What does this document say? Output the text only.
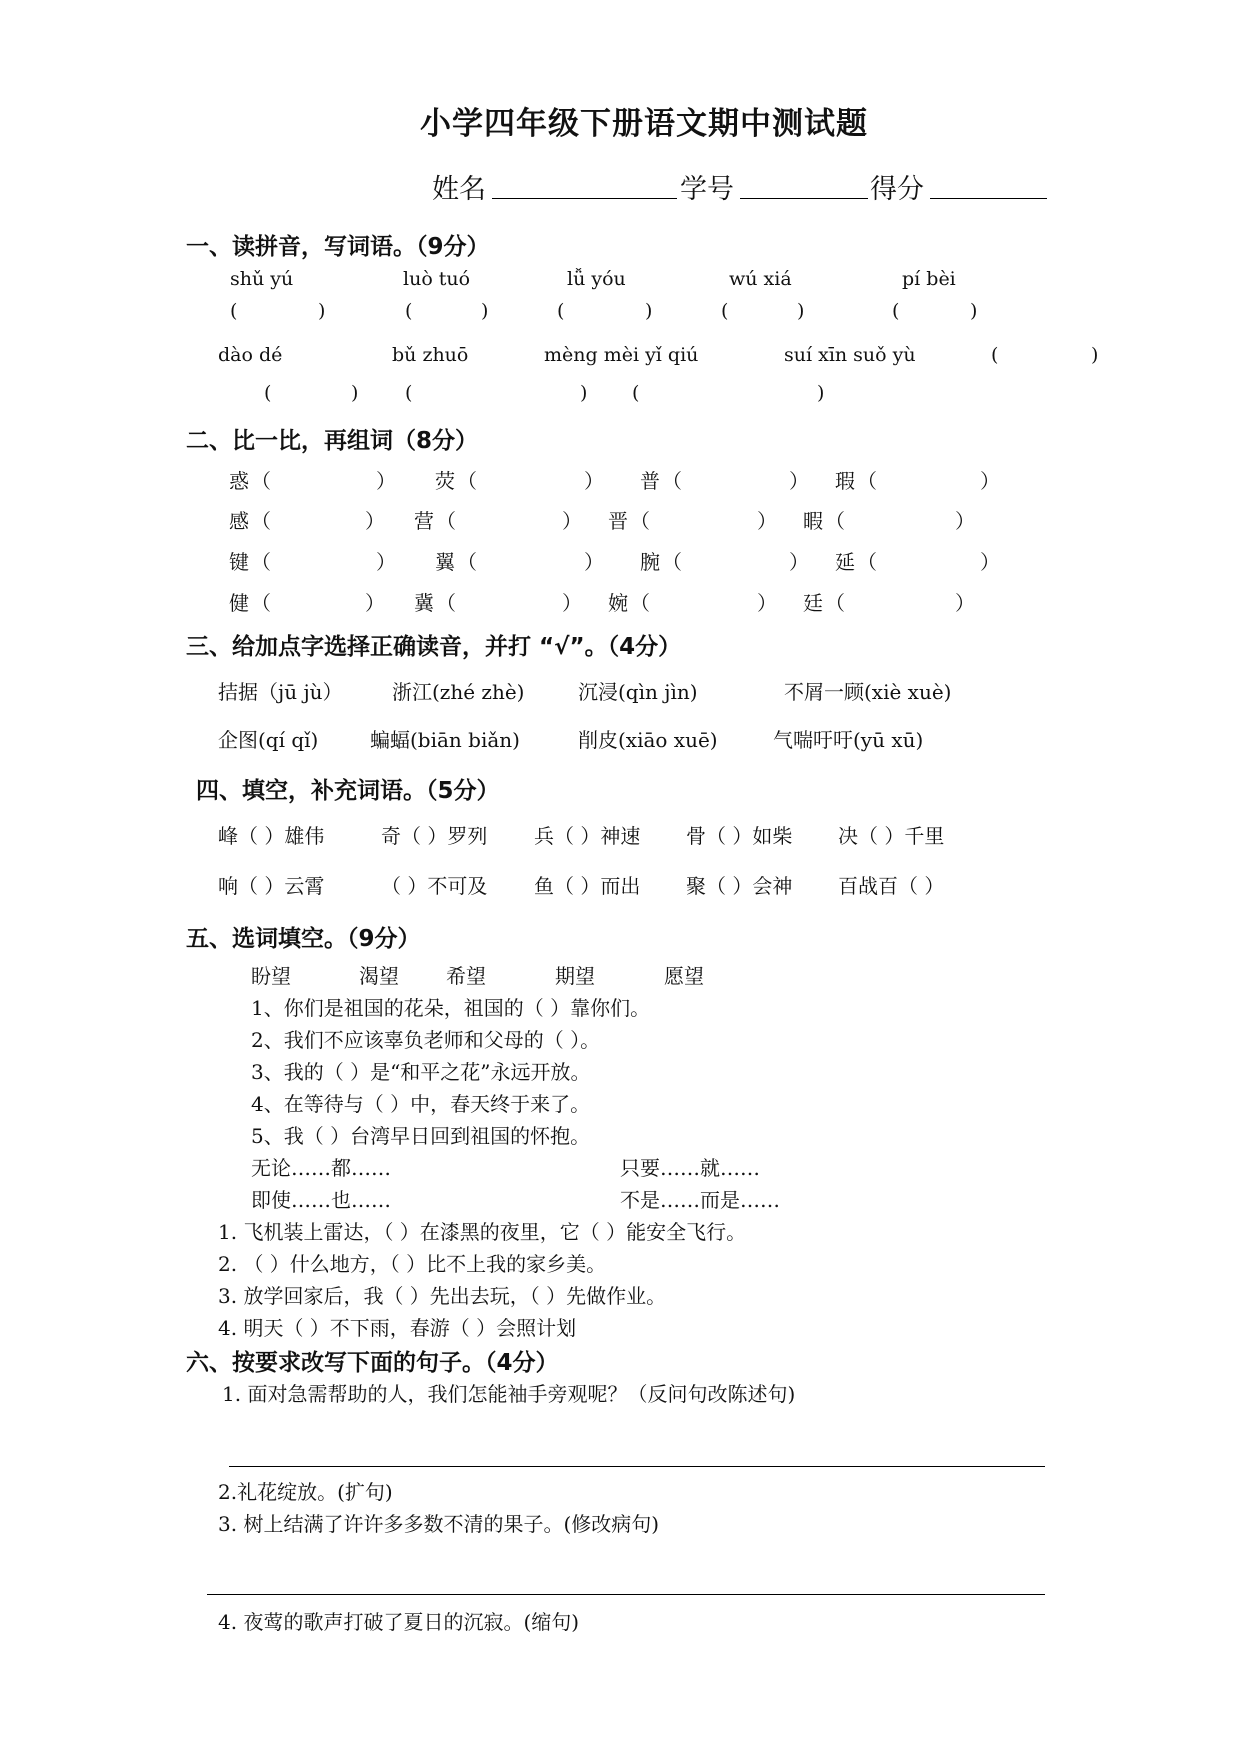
小学四年级下册语文期中测试题
姓名	学号	得分
一、读拼音，写词语。（9分）
shǔ yú	luò tuó	lǚ yóu	wú xiá	pí bèi
(	)	(	)	(	)	(	)	(	)
dào dé	bǔ zhuō	mèng mèi yǐ qiú	suí xīn suǒ yù	(	)
(	) (	) (	)
二、比一比，再组词（8分）
惑 （	） 荧 （	） 普 （	） 瑕 （	）
感 （	） 营 （	） 晋 （	） 暇 （	）
键 （	） 翼 （	） 腕 （	） 延 （	）
健 （	） 冀 （	） 婉 （	） 廷 （	）
三、给加点字选择正确读音，并打 “√”。（4分）
拮据（jū jù） 浙江(zhé zhè)	沉浸(qìn jìn)	不屑一顾(xiè xuè)
企图(qí qǐ)	蝙蝠(biān biǎn)	削皮(xiāo xuē)	气喘吁吁(yū xū)
四、填空，补充词语。（5分）
峰（ ）雄伟	奇（ ）罗列 兵（ ）神速 骨（ ）如柴 决（ ）千里
响（ ）云霄	（ ）不可及 鱼（ ）而出 聚（ ）会神 百战百（ ）
五、选词填空。（9分）
盼望	渴望 希望	期望	愿望
1、你们是祖国的花朵，祖国的（ ）靠你们。
2、我们不应该辜负老师和父母的（ ）。
3、我的（ ）是“和平之花”永远开放。
4、在等待与（ ）中，春天终于来了。
5、我（ ）台湾早日回到祖国的怀抱。
无论……都……	只要……就……
即使……也……	不是……而是……
1. 飞机装上雷达，（ ）在漆黑的夜里，它（ ）能安全飞行。
2. （ ）什么地方，（ ）比不上我的家乡美。
3. 放学回家后，我（ ）先出去玩，（ ）先做作业。
4. 明天（ ）不下雨，春游（ ）会照计划
六、按要求改写下面的句子。（4分）
1. 面对急需帮助的人，我们怎能袖手旁观呢？（反问句改陈述句)
2.礼花绽放。(扩句)
3. 树上结满了许许多多数不清的果子。(修改病句)
4. 夜莺的歌声打破了夏日的沉寂。(缩句)
